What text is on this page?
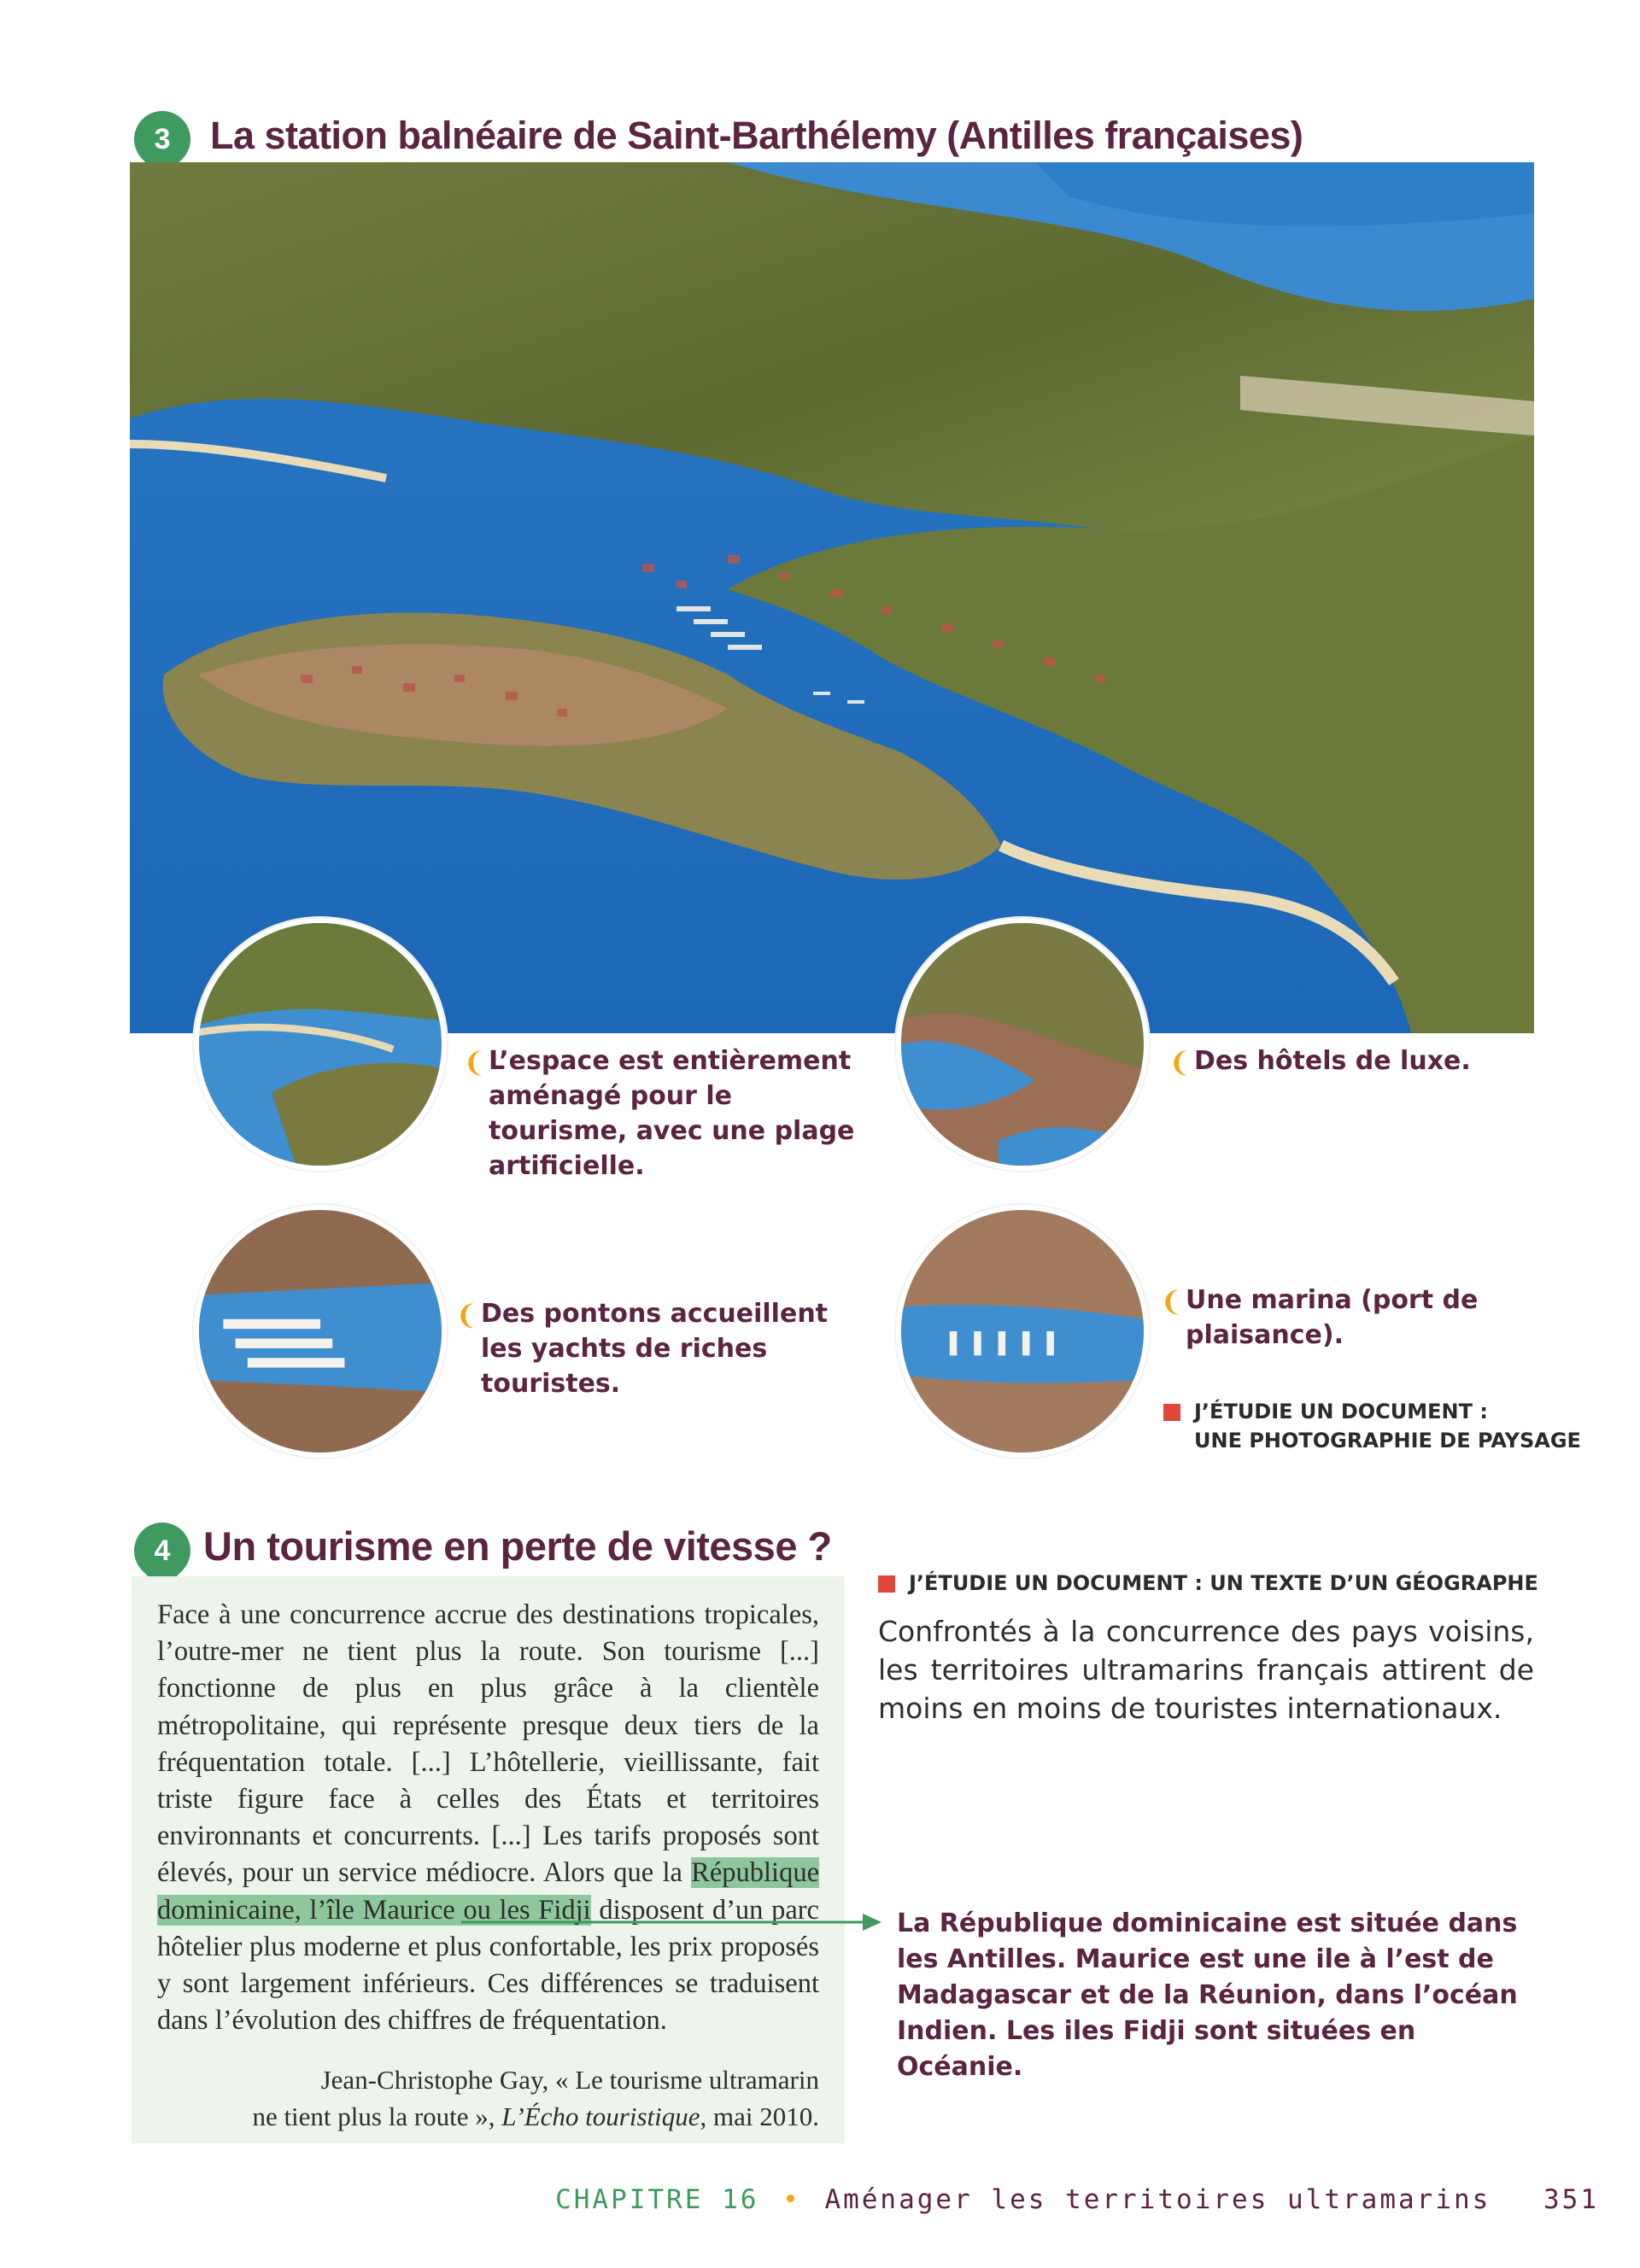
3	La station balnéaire de Saint-Barthélemy (Antilles françaises)
❨ L’espace est entièrement aménagé pour le tourisme, avec une plage artificielle.
❨ Des hôtels de luxe.
❨ Des pontons accueillent les yachts de riches touristes.
❨ Une marina (port de plaisance).
J’ÉTUDIE UN DOCUMENT :
UNE PHOTOGRAPHIE DE PAYSAGE
4 Un tourisme en perte de vitesse ?

Face à une concurrence accrue des destinations tropicales, l’outre-mer ne tient plus la route. Son tourisme [...] fonctionne de plus en plus grâce à la clientèle métropolitaine, qui représente presque deux tiers de la fréquentation totale. [...] L’hôtellerie, vieillissante, fait triste figure face à celles des États et territoires environnants et concurrents. [...] Les tarifs proposés sont élevés, pour un service médiocre. Alors que la République dominicaine, l’île Maurice ou les Fidji disposent d’un parc hôtelier plus moderne et plus confortable, les prix proposés y sont largement inférieurs. Ces différences se traduisent dans l’évolution des chiffres de fréquentation.

Jean-Christophe Gay, « Le tourisme ultramarin
ne tient plus la route », L’Écho touristique, mai 2010.
J’ÉTUDIE UN DOCUMENT : UN TEXTE D’UN GÉOGRAPHE
Confrontés à la concurrence des pays voisins, les territoires ultramarins français attirent de moins en moins de touristes internationaux.
La République dominicaine est située dans les Antilles. Maurice est une ile à l’est de Madagascar et de la Réunion, dans l’océan Indien. Les iles Fidji sont situées en Océanie.
CHAPITRE 16 • Aménager les territoires ultramarins 351
